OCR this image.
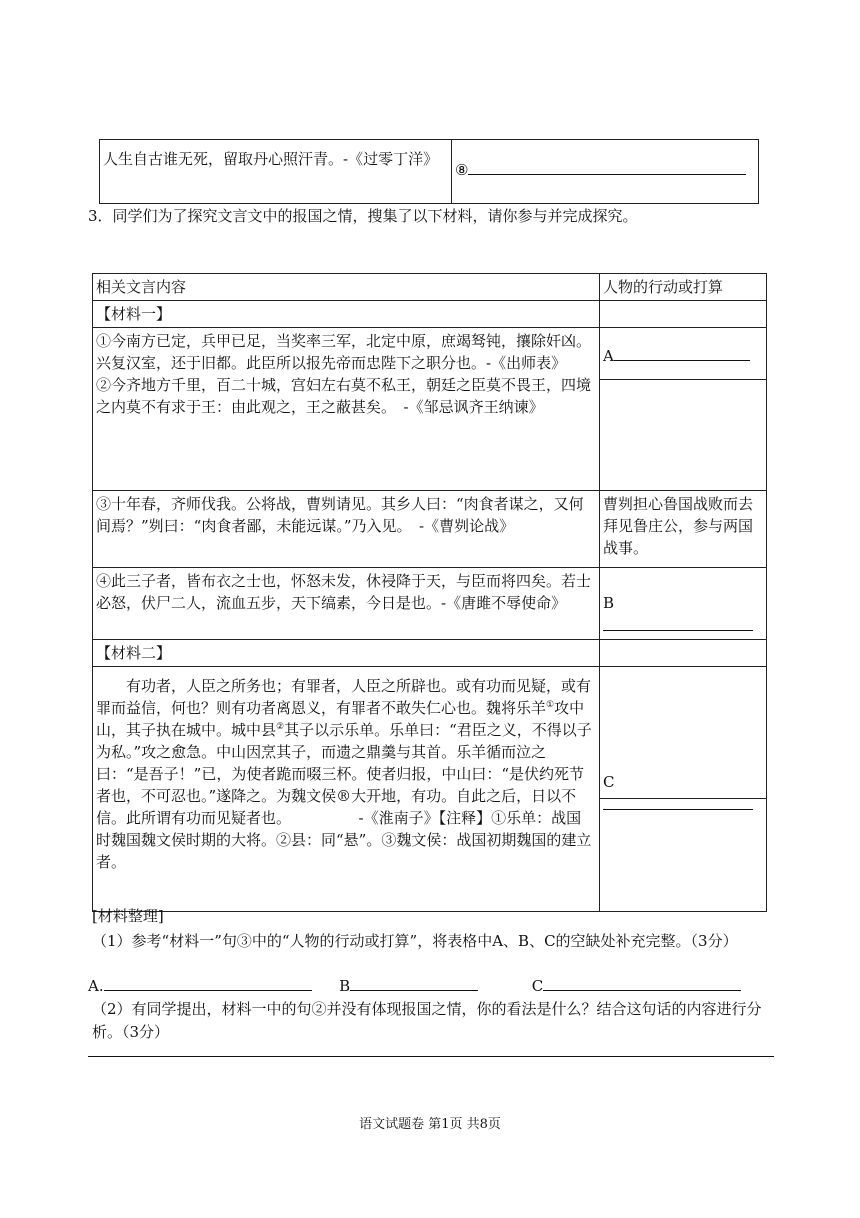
人生自古谁无死，留取丹心照汗青。-《过零丁洋》	⑧

3．同学们为了探究文言文中的报国之情，搜集了以下材料，请你参与并完成探究。

相关文言内容	人物的行动或打算
【材料一】	

①今南方已定，兵甲已足，当奖率三军，北定中原，庶竭驽钝，攘除奸凶。
兴复汉室，还于旧都。此臣所以报先帝而忠陛下之职分也。-《出师表》
②今齐地方千里，百二十城，宫妇左右莫不私王，朝廷之臣莫不畏王，四境之内莫不有求于王：由此观之，王之蔽甚矣。　-《邹忌讽齐王纳谏》	A

③十年春，齐师伐我。公将战，曹刿请见。其乡人曰：“肉食者谋之，又何间焉？”刿曰：“肉食者鄙，未能远谋。”乃入见。　-《曹刿论战》	曹刿担心鲁国战败而去拜见鲁庄公，参与两国战事。
④此三子者，皆布衣之士也，怀怒未发，休祲降于天，与臣而将四矣。若士必怒，伏尸二人，流血五步，天下缟素，今日是也。-《唐雎不辱使命》	B
【材料二】	

有功者，人臣之所务也；有罪者，人臣之所辟也。或有功而见疑，或有罪而益信，何也？则有功者离恩义，有罪者不敢失仁心也。魏将乐羊①攻中山，其子执在城中。城中县②其子以示乐单。乐单曰：“君臣之义，不得以子为私。”攻之愈急。中山因烹其子，而遗之鼎羹与其首。乐羊循而泣之曰：“是吾子！”已，为使者跪而啜三杯。使者归报，中山曰：“是伏约死节者也，不可忍也。”遂降之。为魏文侯®大开地，有功。自此之后，日以不信。此所谓有功而见疑者也。　　　　　-《淮南子》【注释】①乐单：战国时魏国魏文侯时期的大将。②县：同“悬”。③魏文侯：战国初期魏国的建立者。	C

[材料整理]

（1）参考“材料一”句③中的“人物的行动或打算”，将表格中A、B、C的空缺处补充完整。（3分）

A.	B	C

（2）有同学提出，材料一中的句②并没有体现报国之情，你的看法是什么？结合这句话的内容进行分析。（3分）

语文试题卷 第1页 共8页
